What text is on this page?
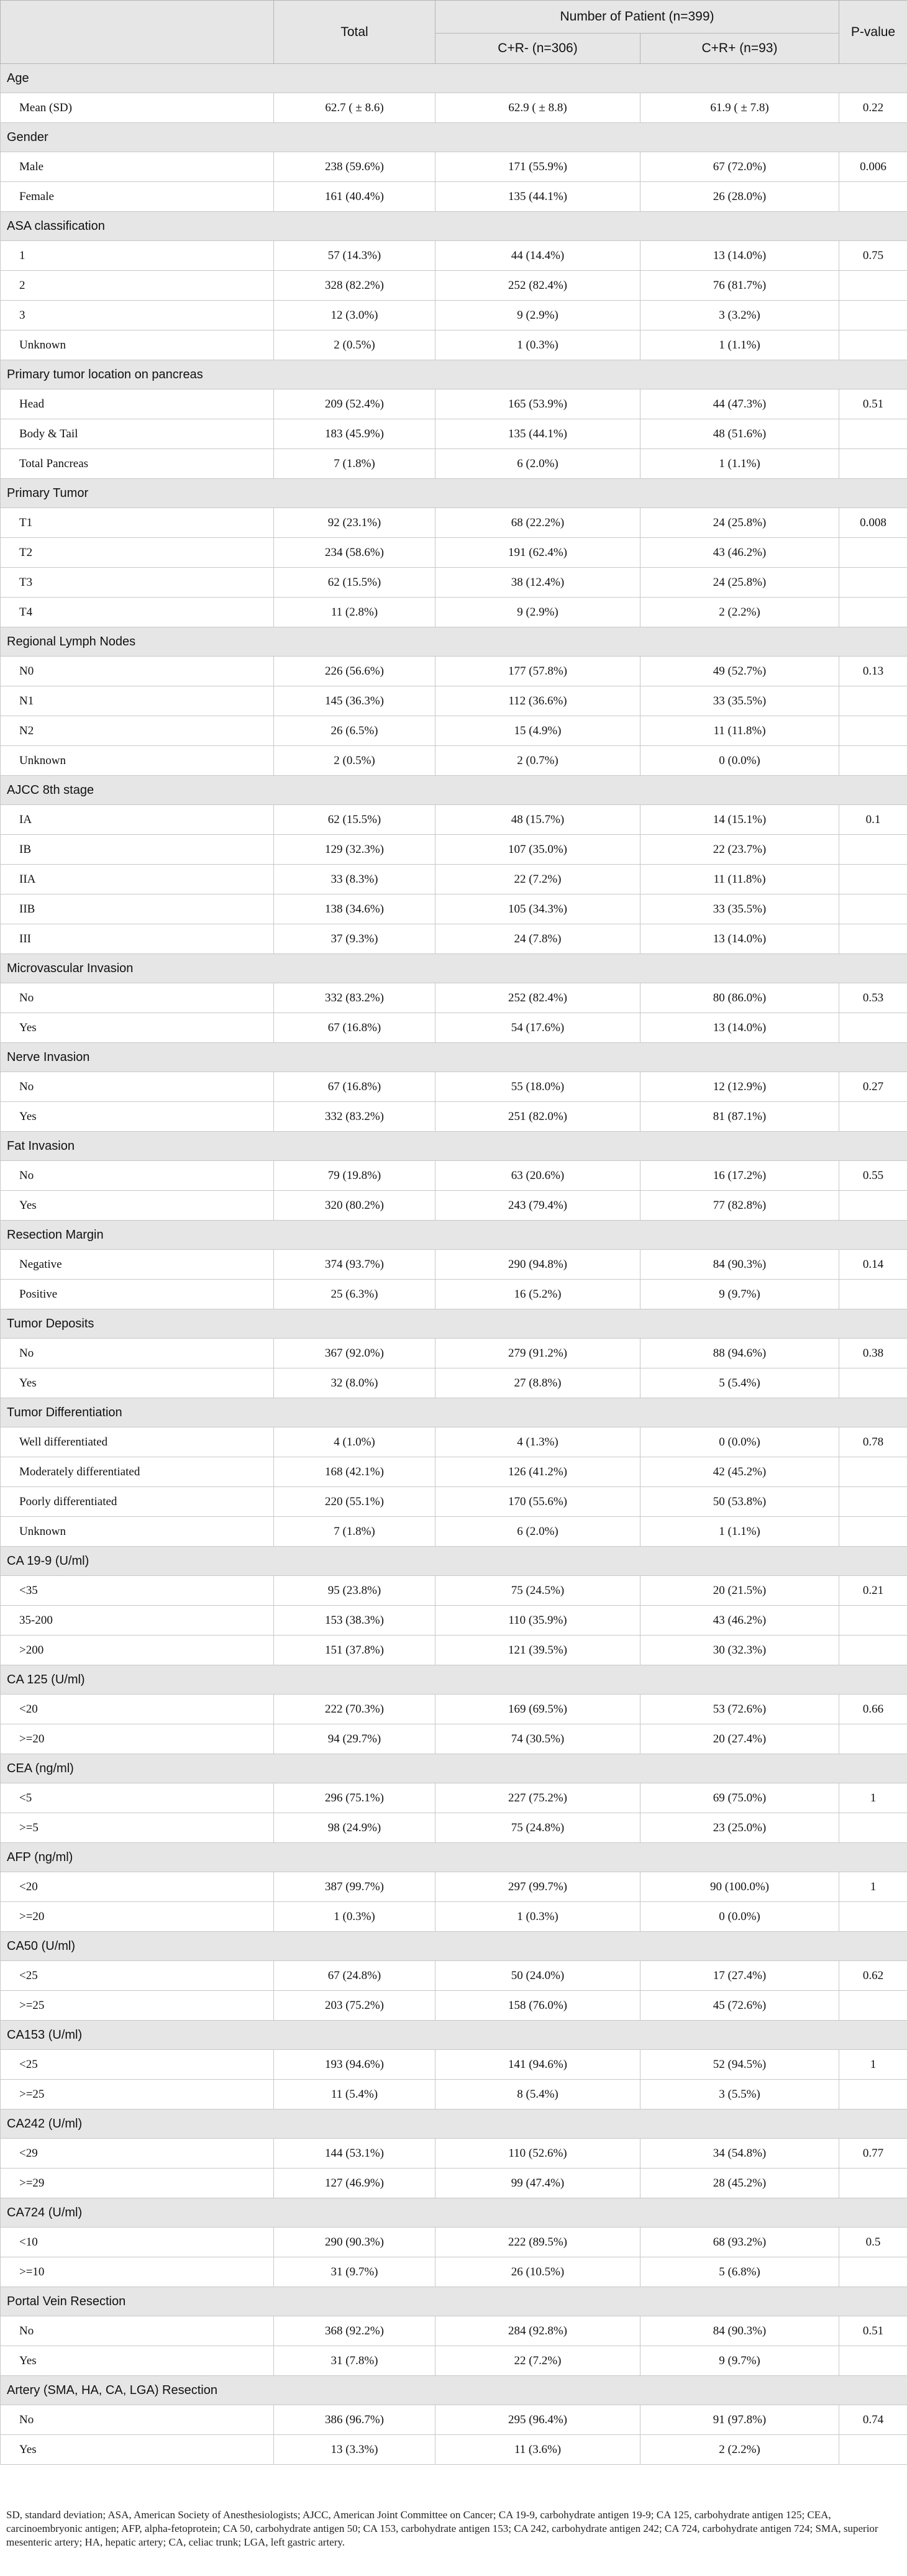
	Total	Number of Patient (n=399)		P-value
		C+R- (n=306)	C+R+ (n=93)	
Age				
Mean (SD)	62.7 ( ± 8.6)	62.9 ( ± 8.8)	61.9 ( ± 7.8)	0.22
Gender				
Male	238 (59.6%)	171 (55.9%)	67 (72.0%)	0.006
Female	161 (40.4%)	135 (44.1%)	26 (28.0%)	
ASA classification				
1	57 (14.3%)	44 (14.4%)	13 (14.0%)	0.75
2	328 (82.2%)	252 (82.4%)	76 (81.7%)	
3	12 (3.0%)	9 (2.9%)	3 (3.2%)	
Unknown	2 (0.5%)	1 (0.3%)	1 (1.1%)	
Primary tumor location on pancreas				
Head	209 (52.4%)	165 (53.9%)	44 (47.3%)	0.51
Body & Tail	183 (45.9%)	135 (44.1%)	48 (51.6%)	
Total Pancreas	7 (1.8%)	6 (2.0%)	1 (1.1%)	
Primary Tumor				
T1	92 (23.1%)	68 (22.2%)	24 (25.8%)	0.008
T2	234 (58.6%)	191 (62.4%)	43 (46.2%)	
T3	62 (15.5%)	38 (12.4%)	24 (25.8%)	
T4	11 (2.8%)	9 (2.9%)	2 (2.2%)	
Regional Lymph Nodes				
N0	226 (56.6%)	177 (57.8%)	49 (52.7%)	0.13
N1	145 (36.3%)	112 (36.6%)	33 (35.5%)	
N2	26 (6.5%)	15 (4.9%)	11 (11.8%)	
Unknown	2 (0.5%)	2 (0.7%)	0 (0.0%)	
AJCC 8th stage				
IA	62 (15.5%)	48 (15.7%)	14 (15.1%)	0.1
IB	129 (32.3%)	107 (35.0%)	22 (23.7%)	
IIA	33 (8.3%)	22 (7.2%)	11 (11.8%)	
IIB	138 (34.6%)	105 (34.3%)	33 (35.5%)	
III	37 (9.3%)	24 (7.8%)	13 (14.0%)	
Microvascular Invasion				
No	332 (83.2%)	252 (82.4%)	80 (86.0%)	0.53
Yes	67 (16.8%)	54 (17.6%)	13 (14.0%)	
Nerve Invasion				
No	67 (16.8%)	55 (18.0%)	12 (12.9%)	0.27
Yes	332 (83.2%)	251 (82.0%)	81 (87.1%)	
Fat Invasion				
No	79 (19.8%)	63 (20.6%)	16 (17.2%)	0.55
Yes	320 (80.2%)	243 (79.4%)	77 (82.8%)	
Resection Margin				
Negative	374 (93.7%)	290 (94.8%)	84 (90.3%)	0.14
Positive	25 (6.3%)	16 (5.2%)	9 (9.7%)	
Tumor Deposits				
No	367 (92.0%)	279 (91.2%)	88 (94.6%)	0.38
Yes	32 (8.0%)	27 (8.8%)	5 (5.4%)	
Tumor Differentiation				
Well differentiated	4 (1.0%)	4 (1.3%)	0 (0.0%)	0.78
Moderately differentiated	168 (42.1%)	126 (41.2%)	42 (45.2%)	
Poorly differentiated	220 (55.1%)	170 (55.6%)	50 (53.8%)	
Unknown	7 (1.8%)	6 (2.0%)	1 (1.1%)	
CA 19-9 (U/ml)				
<35	95 (23.8%)	75 (24.5%)	20 (21.5%)	0.21
35-200	153 (38.3%)	110 (35.9%)	43 (46.2%)	
>200	151 (37.8%)	121 (39.5%)	30 (32.3%)	
CA 125 (U/ml)				
<20	222 (70.3%)	169 (69.5%)	53 (72.6%)	0.66
>=20	94 (29.7%)	74 (30.5%)	20 (27.4%)	
CEA (ng/ml)				
<5	296 (75.1%)	227 (75.2%)	69 (75.0%)	1
>=5	98 (24.9%)	75 (24.8%)	23 (25.0%)	
AFP (ng/ml)				
<20	387 (99.7%)	297 (99.7%)	90 (100.0%)	1
>=20	1 (0.3%)	1 (0.3%)	0 (0.0%)	
CA50 (U/ml)				
<25	67 (24.8%)	50 (24.0%)	17 (27.4%)	0.62
>=25	203 (75.2%)	158 (76.0%)	45 (72.6%)	
CA153 (U/ml)				
<25	193 (94.6%)	141 (94.6%)	52 (94.5%)	1
>=25	11 (5.4%)	8 (5.4%)	3 (5.5%)	
CA242 (U/ml)				
<29	144 (53.1%)	110 (52.6%)	34 (54.8%)	0.77
>=29	127 (46.9%)	99 (47.4%)	28 (45.2%)	
CA724 (U/ml)				
<10	290 (90.3%)	222 (89.5%)	68 (93.2%)	0.5
>=10	31 (9.7%)	26 (10.5%)	5 (6.8%)	
Portal Vein Resection				
No	368 (92.2%)	284 (92.8%)	84 (90.3%)	0.51
Yes	31 (7.8%)	22 (7.2%)	9 (9.7%)	
Artery (SMA, HA, CA, LGA) Resection				
No	386 (96.7%)	295 (96.4%)	91 (97.8%)	0.74
Yes	13 (3.3%)	11 (3.6%)	2 (2.2%)	
SD, standard deviation; ASA, American Society of Anesthesiologists; AJCC, American Joint Committee on Cancer; CA 19-9, carbohydrate antigen 19-9; CA 125, carbohydrate antigen 125; CEA, carcinoembryonic antigen; AFP, alpha-fetoprotein; CA 50, carbohydrate antigen 50; CA 153, carbohydrate antigen 153; CA 242, carbohydrate antigen 242; CA 724, carbohydrate antigen 724; SMA, superior mesenteric artery; HA, hepatic artery; CA, celiac trunk; LGA, left gastric artery.
